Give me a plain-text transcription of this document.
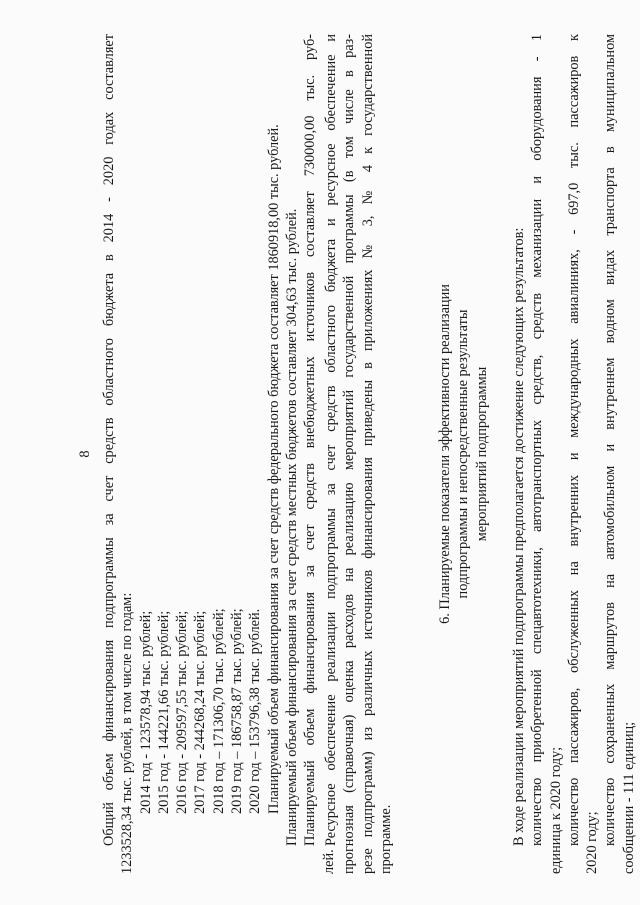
8 Общий объем финансирования подпрограммы за счет средств областного бюджета в 2014 - 2020 годах составляет 1233528,34 тыс. рублей, в том числе по годам: 2014 год - 123578,94 тыс. рублей; 2015 год - 144221,66 тыс. рублей; 2016 год - 209597,55 тыс. рублей; 2017 год - 244268,24 тыс. рублей; 2018 год – 171306,70 тыс. рублей; 2019 год – 186758,87 тыс. рублей; 2020 год – 153796,38 тыс. рублей. Планируемый объем финансирования за счет средств федерального бюджета составляет 1860918,00 тыс. рублей. Планируемый объем финансирования за счет средств местных бюджетов составляет 304,63 тыс. рублей. Планируемый объем финансирования за счет средств внебюджетных источников составляет 730000,00 тыс. руб-
лей.
Ресурсное обеспечение реализации подпрограммы за счет средств областного бюджета и ресурсное обеспечение и прогнозная (справочная) оценка расходов на реализацию мероприятий государственной программы (в том числе в раз- резе подпрограмм) из различных источников финансирования приведены в приложениях № 3, № 4 к государственной программе.
6. Планируемые показатели эффективности реализации подпрограммы и непосредственные результаты мероприятий подпрограммы В ходе реализации мероприятий подпрограммы предполагается достижение следующих результатов: количество приобретенной спецавтотехники, автотранспортных средств, средств механизации и оборудования - 1 единица к 2020 году; количество пассажиров, обслуженных на внутренних и международных авиалиниях, - 697,0 тыс. пассажиров к 2020 году; количество сохраненных маршрутов на автомобильном и внутреннем водном видах транспорта в муниципальном сообщении - 111 единиц;
